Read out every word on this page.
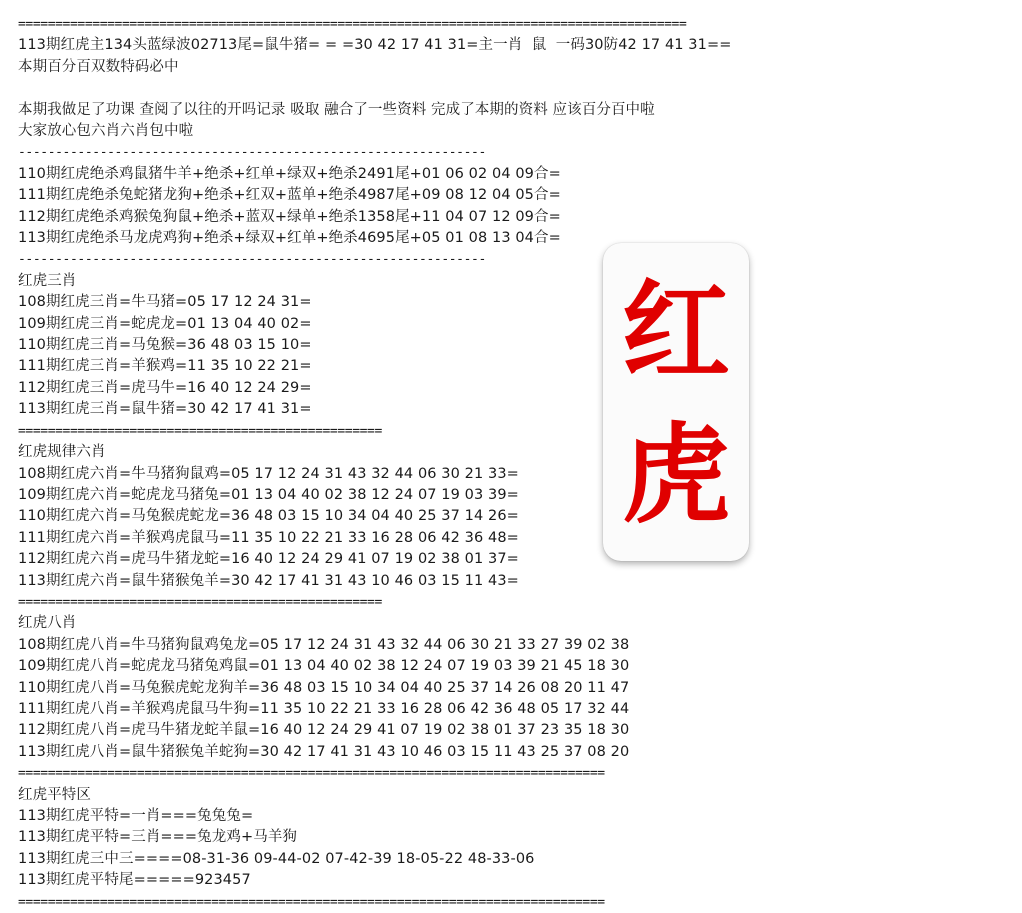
==========================================================================================
113期红虎主134头蓝绿波02713尾=鼠牛猪= = =30 42 17 41 31=主一肖  鼠  一码30防42 17 41 31==
本期百分百双数特码必中
本期我做足了功课 查阅了以往的开吗记录 吸取 融合了一些资料 完成了本期的资料 应该百分百中啦
大家放心包六肖六肖包中啦
---------------------------------------------------------------
110期红虎绝杀鸡鼠猪牛羊+绝杀+红单+绿双+绝杀2491尾+01 06 02 04 09合=
111期红虎绝杀兔蛇猪龙狗+绝杀+红双+蓝单+绝杀4987尾+09 08 12 04 05合=
112期红虎绝杀鸡猴兔狗鼠+绝杀+蓝双+绿单+绝杀1358尾+11 04 07 12 09合=
113期红虎绝杀马龙虎鸡狗+绝杀+绿双+红单+绝杀4695尾+05 01 08 13 04合=
---------------------------------------------------------------
红虎三肖
108期红虎三肖=牛马猪=05 17 12 24 31=
109期红虎三肖=蛇虎龙=01 13 04 40 02=
110期红虎三肖=马兔猴=36 48 03 15 10=
111期红虎三肖=羊猴鸡=11 35 10 22 21=
112期红虎三肖=虎马牛=16 40 12 24 29=
113期红虎三肖=鼠牛猪=30 42 17 41 31=
=================================================
红虎规律六肖
108期红虎六肖=牛马猪狗鼠鸡=05 17 12 24 31 43 32 44 06 30 21 33=
109期红虎六肖=蛇虎龙马猪兔=01 13 04 40 02 38 12 24 07 19 03 39=
110期红虎六肖=马兔猴虎蛇龙=36 48 03 15 10 34 04 40 25 37 14 26=
111期红虎六肖=羊猴鸡虎鼠马=11 35 10 22 21 33 16 28 06 42 36 48=
112期红虎六肖=虎马牛猪龙蛇=16 40 12 24 29 41 07 19 02 38 01 37=
113期红虎六肖=鼠牛猪猴兔羊=30 42 17 41 31 43 10 46 03 15 11 43=
=================================================
红虎八肖
108期红虎八肖=牛马猪狗鼠鸡兔龙=05 17 12 24 31 43 32 44 06 30 21 33 27 39 02 38
109期红虎八肖=蛇虎龙马猪兔鸡鼠=01 13 04 40 02 38 12 24 07 19 03 39 21 45 18 30
110期红虎八肖=马兔猴虎蛇龙狗羊=36 48 03 15 10 34 04 40 25 37 14 26 08 20 11 47
111期红虎八肖=羊猴鸡虎鼠马牛狗=11 35 10 22 21 33 16 28 06 42 36 48 05 17 32 44
112期红虎八肖=虎马牛猪龙蛇羊鼠=16 40 12 24 29 41 07 19 02 38 01 37 23 35 18 30
113期红虎八肖=鼠牛猪猴兔羊蛇狗=30 42 17 41 31 43 10 46 03 15 11 43 25 37 08 20
===============================================================================
红虎平特区
113期红虎平特=一肖===兔兔兔=
113期红虎平特=三肖===兔龙鸡+马羊狗
113期红虎三中三====08-31-36 09-44-02 07-42-39 18-05-22 48-33-06
113期红虎平特尾=====923457
===============================================================================
红
虎
